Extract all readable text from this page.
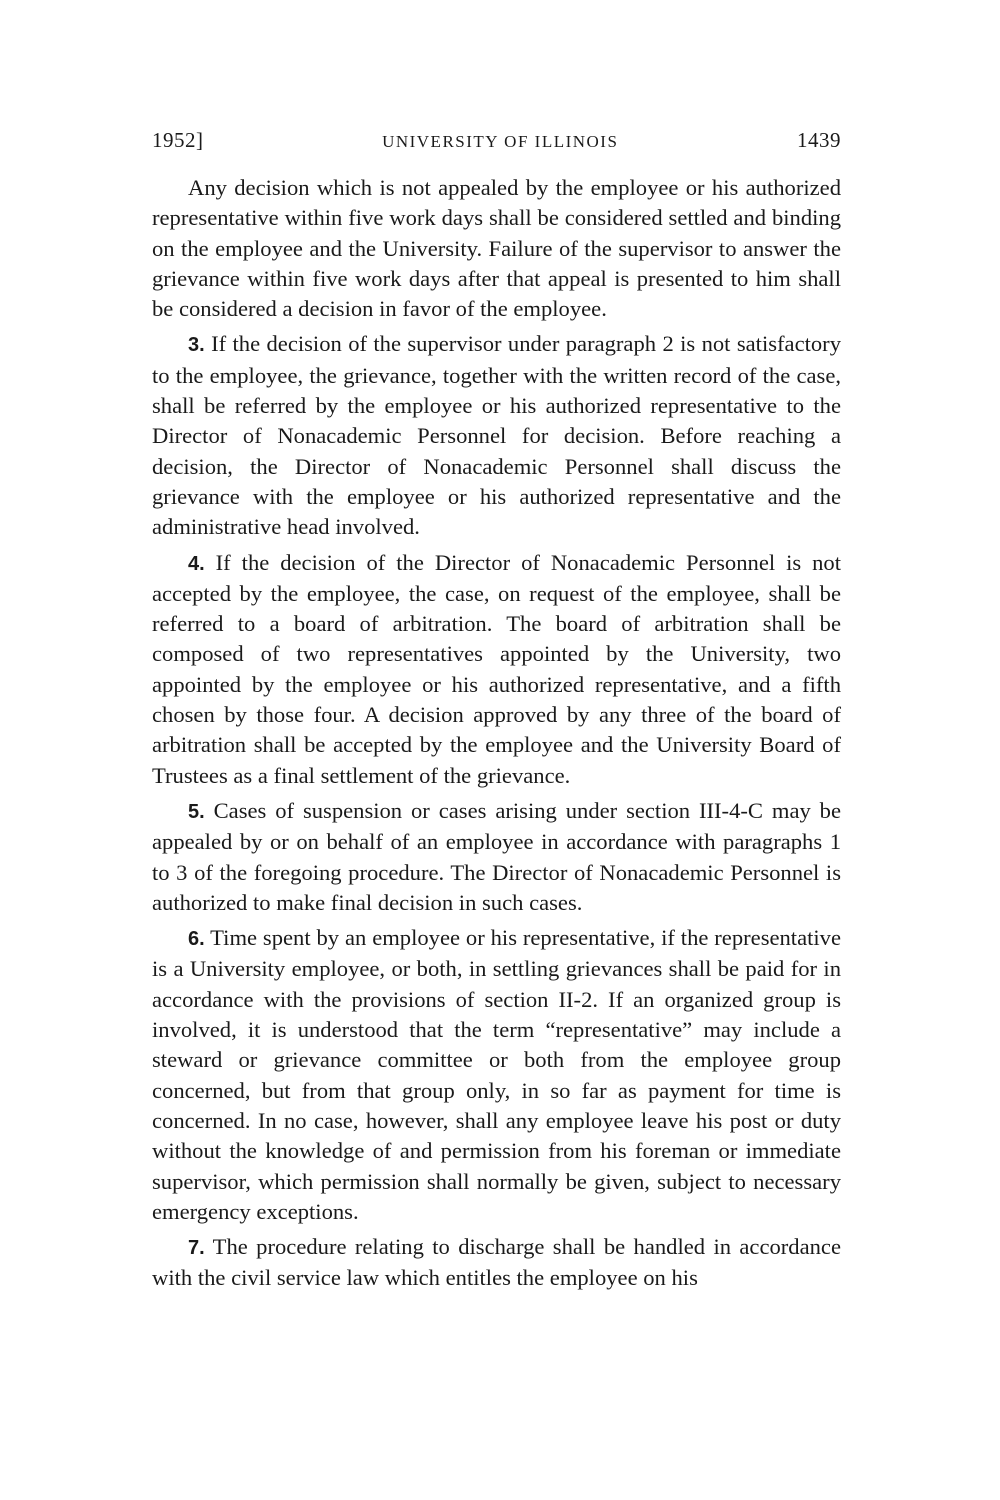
1952]	UNIVERSITY OF ILLINOIS	1439

Any decision which is not appealed by the employee or his authorized representative within five work days shall be considered settled and binding on the employee and the University. Failure of the supervisor to answer the grievance within five work days after that appeal is presented to him shall be considered a decision in favor of the employee.

3. If the decision of the supervisor under paragraph 2 is not satisfactory to the employee, the grievance, together with the written record of the case, shall be referred by the employee or his authorized representative to the Director of Nonacademic Personnel for decision. Before reaching a decision, the Director of Nonacademic Personnel shall discuss the grievance with the employee or his authorized representative and the administrative head involved.

4. If the decision of the Director of Nonacademic Personnel is not accepted by the employee, the case, on request of the employee, shall be referred to a board of arbitration. The board of arbitration shall be composed of two representatives appointed by the University, two appointed by the employee or his authorized representative, and a fifth chosen by those four. A decision approved by any three of the board of arbitration shall be accepted by the employee and the University Board of Trustees as a final settlement of the grievance.

5. Cases of suspension or cases arising under section III-4-C may be appealed by or on behalf of an employee in accordance with paragraphs 1 to 3 of the foregoing procedure. The Director of Nonacademic Personnel is authorized to make final decision in such cases.

6. Time spent by an employee or his representative, if the representative is a University employee, or both, in settling grievances shall be paid for in accordance with the provisions of section II-2. If an organized group is involved, it is understood that the term “representative” may include a steward or grievance committee or both from the employee group concerned, but from that group only, in so far as payment for time is concerned. In no case, however, shall any employee leave his post or duty without the knowledge of and permission from his foreman or immediate supervisor, which permission shall normally be given, subject to necessary emergency exceptions.

7. The procedure relating to discharge shall be handled in accordance with the civil service law which entitles the employee on his
